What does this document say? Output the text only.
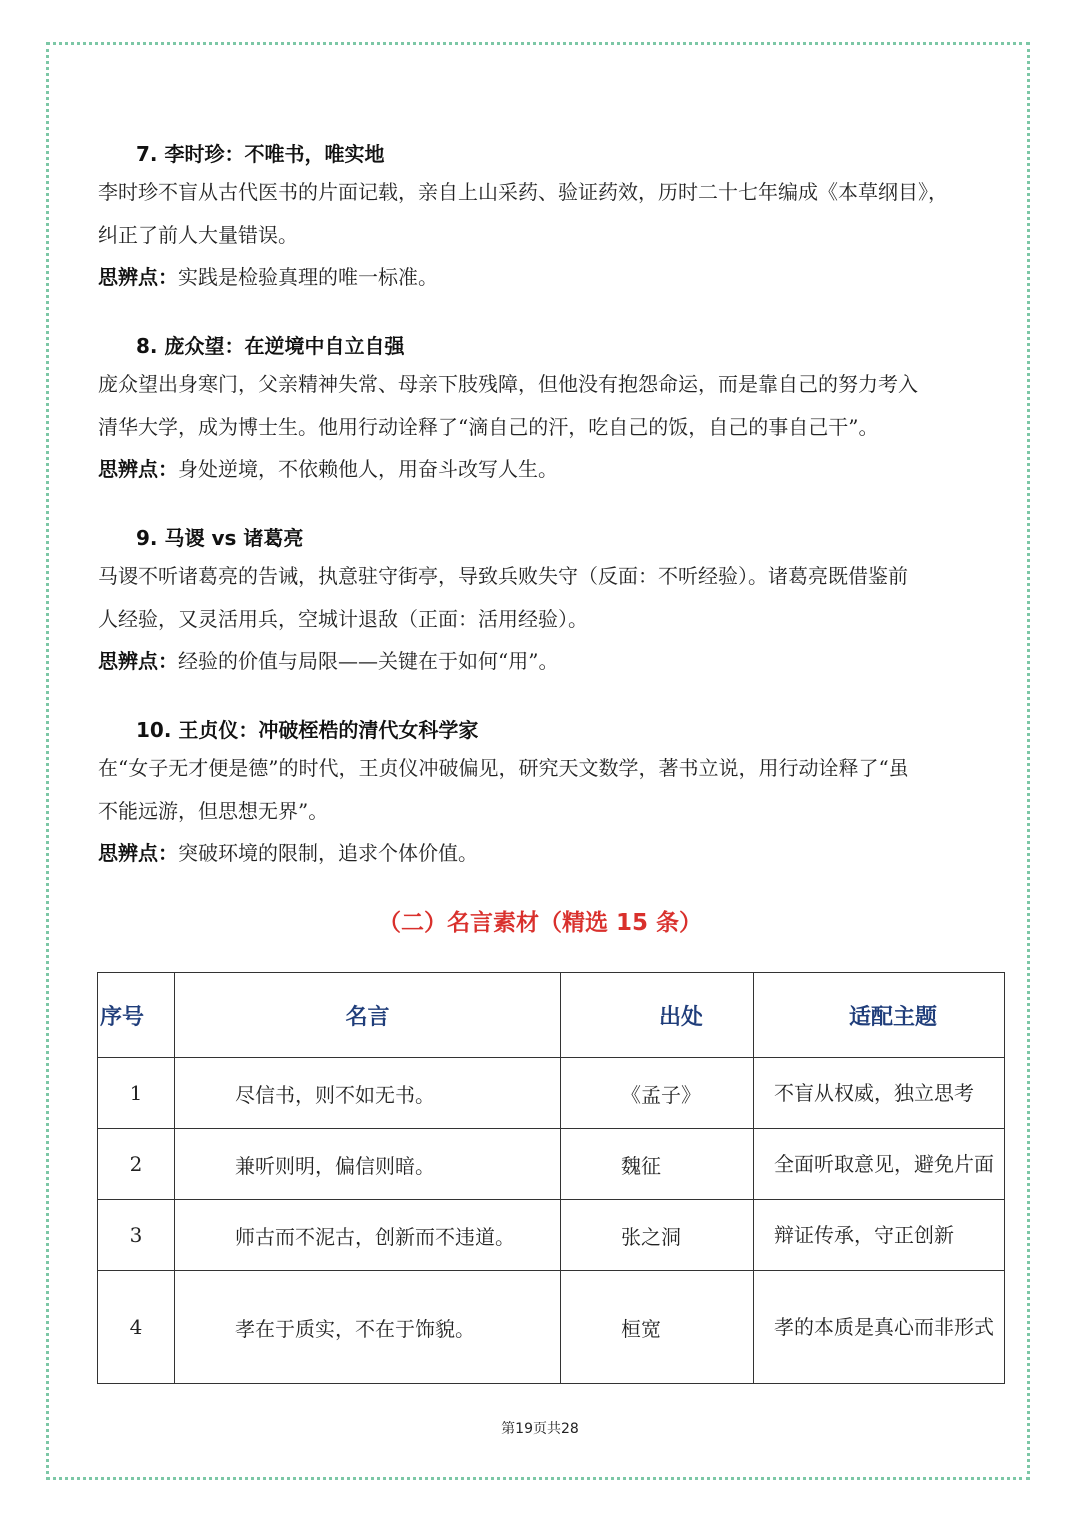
7. 李时珍：不唯书，唯实地
李时珍不盲从古代医书的片面记载，亲自上山采药、验证药效，历时二十七年编成《本草纲目》，
纠正了前人大量错误。
思辨点：实践是检验真理的唯一标准。
8. 庞众望：在逆境中自立自强
庞众望出身寒门，父亲精神失常、母亲下肢残障，但他没有抱怨命运，而是靠自己的努力考入
清华大学，成为博士生。他用行动诠释了“滴自己的汗，吃自己的饭，自己的事自己干”。
思辨点：身处逆境，不依赖他人，用奋斗改写人生。
9. 马谡 vs 诸葛亮
马谡不听诸葛亮的告诫，执意驻守街亭，导致兵败失守（反面：不听经验）。诸葛亮既借鉴前
人经验，又灵活用兵，空城计退敌（正面：活用经验）。
思辨点：经验的价值与局限——关键在于如何“用”。
10. 王贞仪：冲破桎梏的清代女科学家
在“女子无才便是德”的时代，王贞仪冲破偏见，研究天文数学，著书立说，用行动诠释了“虽
不能远游，但思想无界”。
思辨点：突破环境的限制，追求个体价值。
（二）名言素材（精选 15 条）
序号	名言	出处	适配主题
1	尽信书，则不如无书。	《孟子》	不盲从权威，独立思考
2	兼听则明，偏信则暗。	魏征	全面听取意见，避免片面
3	师古而不泥古，创新而不违道。	张之洞	辩证传承，守正创新
4	孝在于质实，不在于饰貌。	桓宽	孝的本质是真心而非形式
第19页共28
